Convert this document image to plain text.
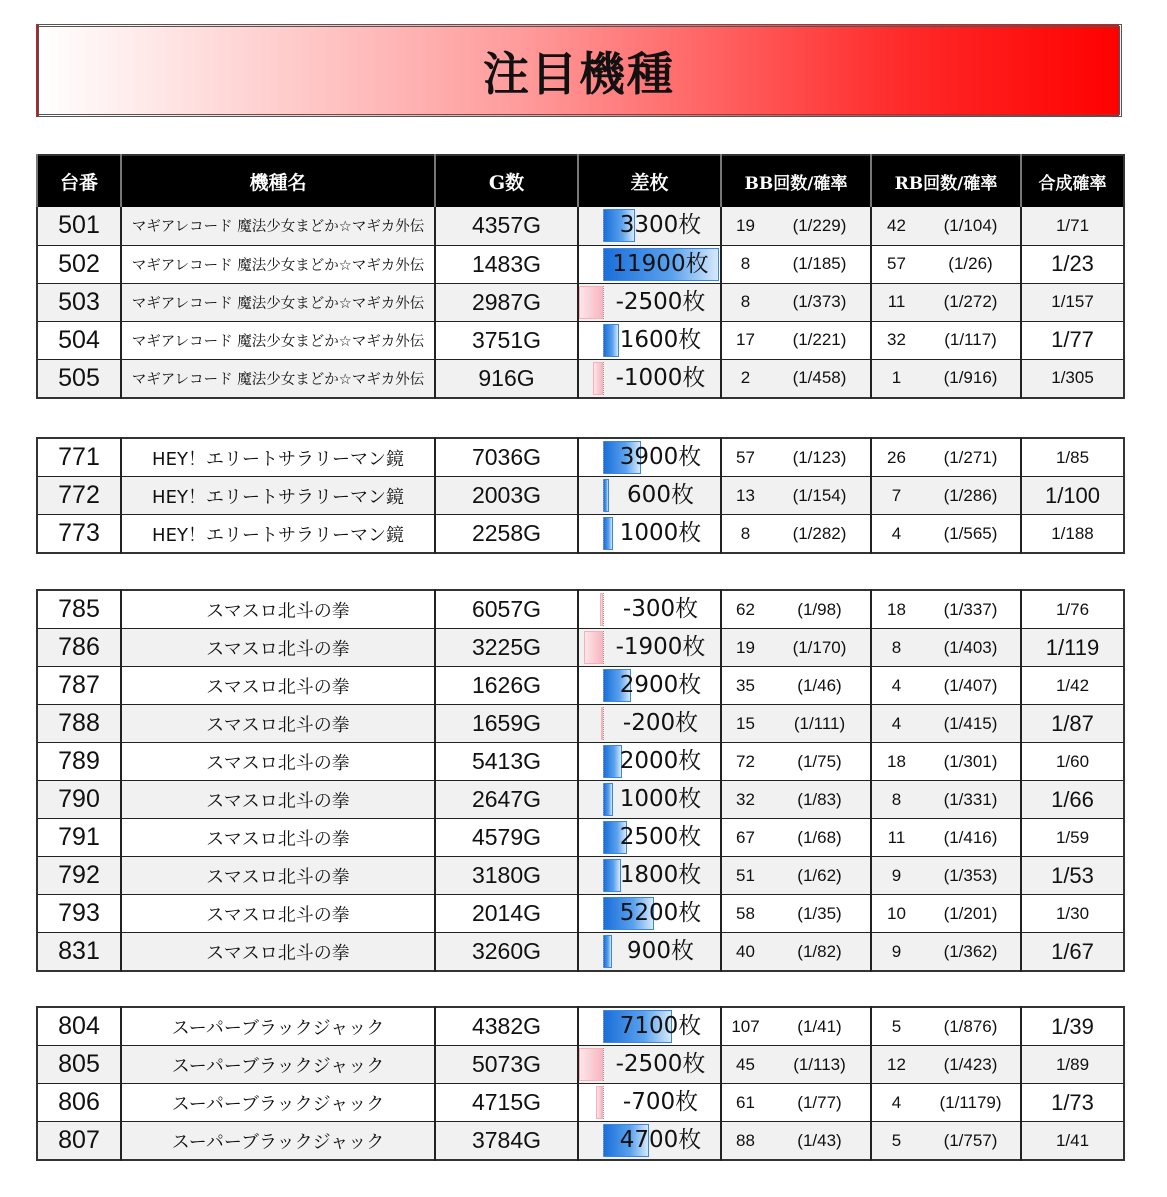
注目機種
台番	機種名	G数	差枚	BB回数/確率		RB回数/確率		合成確率
501	マギアレコード 魔法少女まどか☆マギカ外伝	4357G	3300枚	19	(1/229)	42	(1/104)	1/71
502	マギアレコード 魔法少女まどか☆マギカ外伝	1483G	11900枚	8	(1/185)	57	(1/26)	1/23
503	マギアレコード 魔法少女まどか☆マギカ外伝	2987G	-2500枚	8	(1/373)	11	(1/272)	1/157
504	マギアレコード 魔法少女まどか☆マギカ外伝	3751G	1600枚	17	(1/221)	32	(1/117)	1/77
505	マギアレコード 魔法少女まどか☆マギカ外伝	916G	-1000枚	2	(1/458)	1	(1/916)	1/305
771	HEY！エリートサラリーマン鏡	7036G	3900枚	57	(1/123)	26	(1/271)	1/85
772	HEY！エリートサラリーマン鏡	2003G	600枚	13	(1/154)	7	(1/286)	1/100
773	HEY！エリートサラリーマン鏡	2258G	1000枚	8	(1/282)	4	(1/565)	1/188
785	スマスロ北斗の拳	6057G	-300枚	62	(1/98)	18	(1/337)	1/76
786	スマスロ北斗の拳	3225G	-1900枚	19	(1/170)	8	(1/403)	1/119
787	スマスロ北斗の拳	1626G	2900枚	35	(1/46)	4	(1/407)	1/42
788	スマスロ北斗の拳	1659G	-200枚	15	(1/111)	4	(1/415)	1/87
789	スマスロ北斗の拳	5413G	2000枚	72	(1/75)	18	(1/301)	1/60
790	スマスロ北斗の拳	2647G	1000枚	32	(1/83)	8	(1/331)	1/66
791	スマスロ北斗の拳	4579G	2500枚	67	(1/68)	11	(1/416)	1/59
792	スマスロ北斗の拳	3180G	1800枚	51	(1/62)	9	(1/353)	1/53
793	スマスロ北斗の拳	2014G	5200枚	58	(1/35)	10	(1/201)	1/30
831	スマスロ北斗の拳	3260G	900枚	40	(1/82)	9	(1/362)	1/67
804	スーパーブラックジャック	4382G	7100枚	107	(1/41)	5	(1/876)	1/39
805	スーパーブラックジャック	5073G	-2500枚	45	(1/113)	12	(1/423)	1/89
806	スーパーブラックジャック	4715G	-700枚	61	(1/77)	4	(1/1179)	1/73
807	スーパーブラックジャック	3784G	4700枚	88	(1/43)	5	(1/757)	1/41
